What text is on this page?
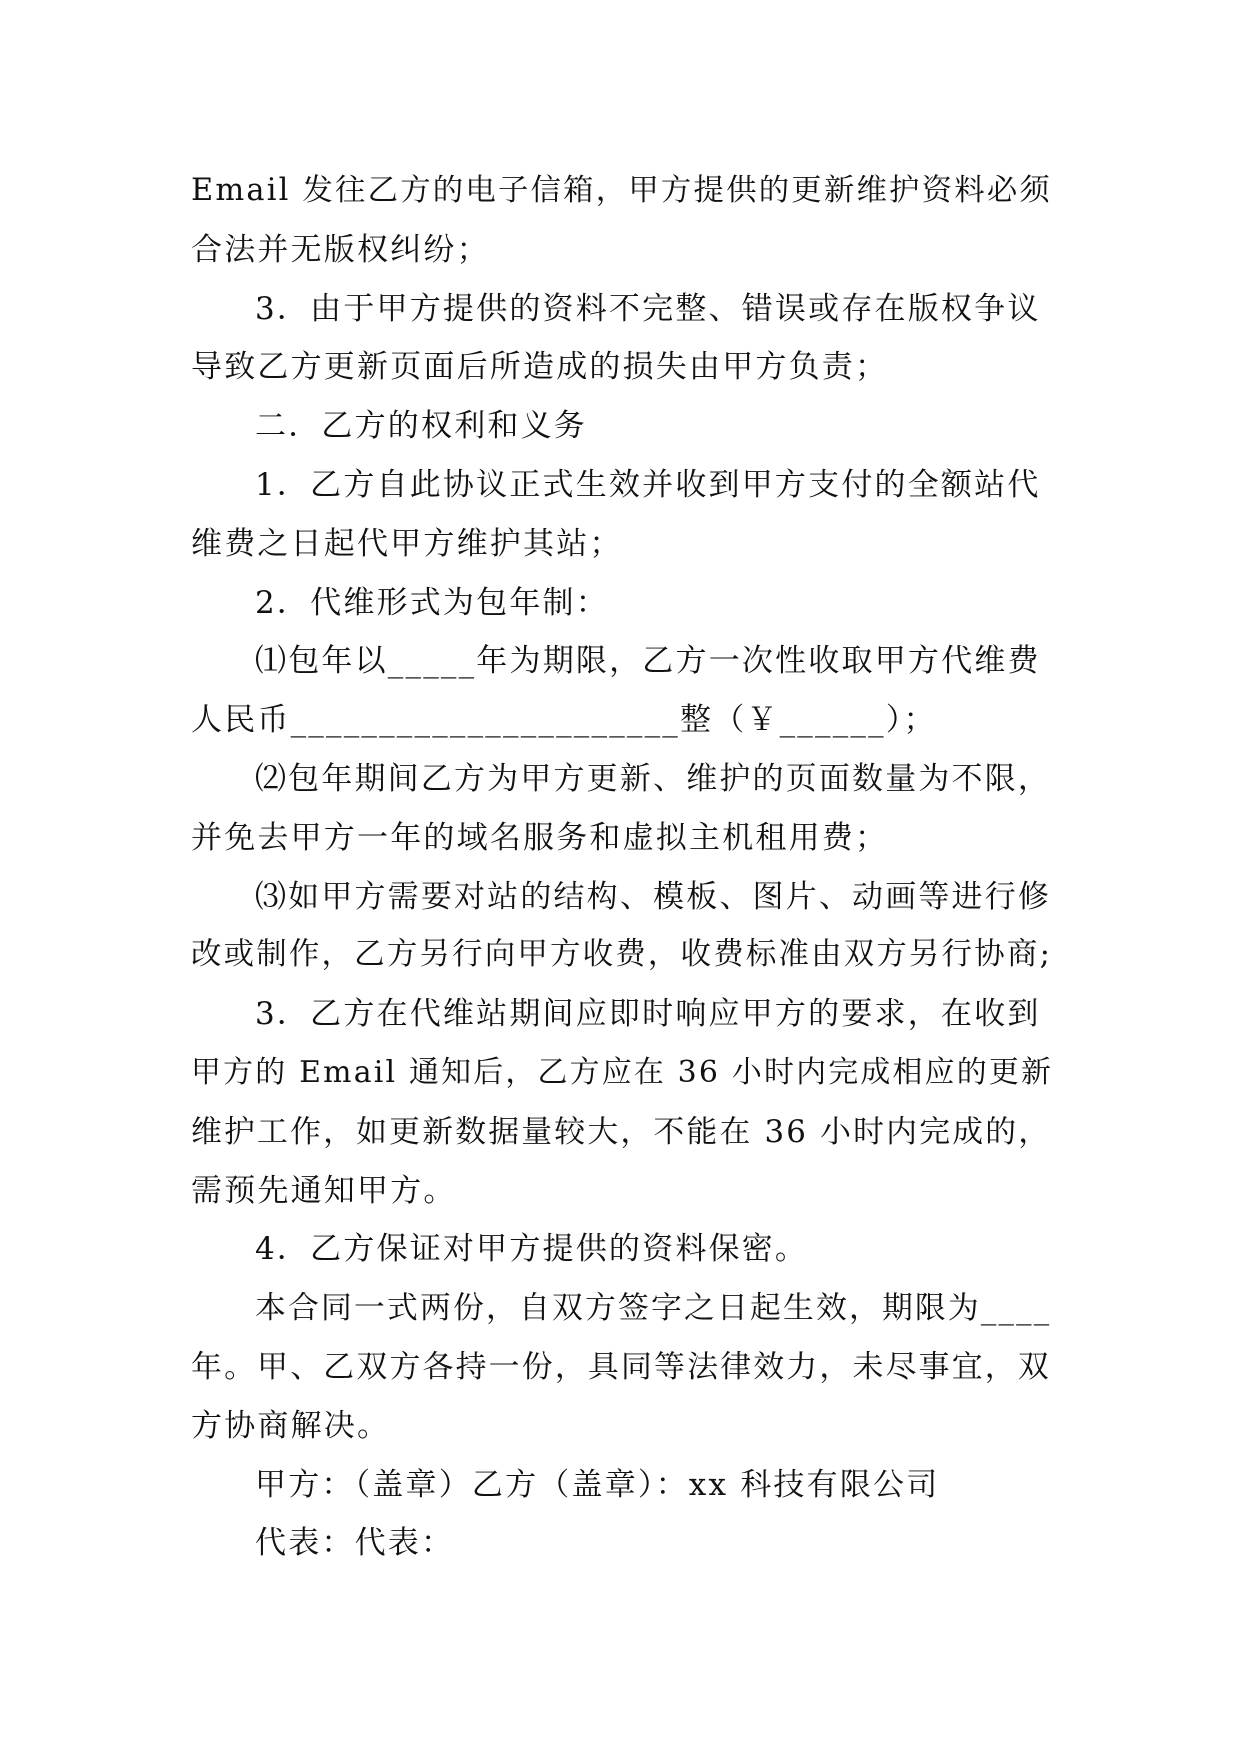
Email 发往乙方的电子信箱，甲方提供的更新维护资料必须
合法并无版权纠纷；
3．由于甲方提供的资料不完整、错误或存在版权争议
导致乙方更新页面后所造成的损失由甲方负责；
二．乙方的权利和义务
1．乙方自此协议正式生效并收到甲方支付的全额站代
维费之日起代甲方维护其站；
2．代维形式为包年制：
⑴包年以_____年为期限，乙方一次性收取甲方代维费
人民币______________________整（￥______）；
⑵包年期间乙方为甲方更新、维护的页面数量为不限，
并免去甲方一年的域名服务和虚拟主机租用费；
⑶如甲方需要对站的结构、模板、图片、动画等进行修
改或制作，乙方另行向甲方收费，收费标准由双方另行协商;
3．乙方在代维站期间应即时响应甲方的要求，在收到
甲方的 Email 通知后，乙方应在 36 小时内完成相应的更新
维护工作，如更新数据量较大，不能在 36 小时内完成的，
需预先通知甲方。
4．乙方保证对甲方提供的资料保密。
本合同一式两份，自双方签字之日起生效，期限为____
年。甲、乙双方各持一份，具同等法律效力，未尽事宜，双
方协商解决。
甲方：（盖章）乙方（盖章）：xx 科技有限公司
代表：代表：
